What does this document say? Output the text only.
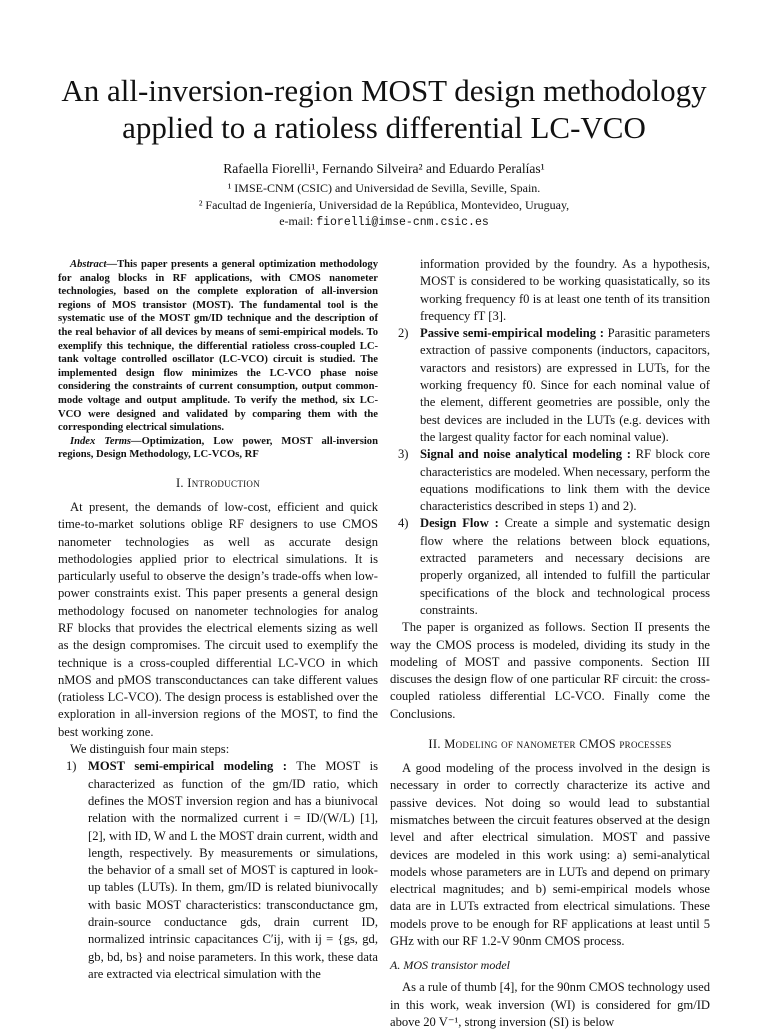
An all-inversion-region MOST design methodology applied to a ratioless differential LC-VCO
Rafaella Fiorelli¹, Fernando Silveira² and Eduardo Peralías¹
¹ IMSE-CNM (CSIC) and Universidad de Sevilla, Seville, Spain.
² Facultad de Ingeniería, Universidad de la República, Montevideo, Uruguay,
e-mail: fiorelli@imse-cnm.csic.es

Abstract—This paper presents a general optimization methodology for analog blocks in RF applications, with CMOS nanometer technologies, based on the complete exploration of all-inversion regions of MOS transistor (MOST). The fundamental tool is the systematic use of the MOST gm/ID technique and the description of the real behavior of all devices by means of semi-empirical models. To exemplify this technique, the differential ratioless cross-coupled LC-tank voltage controlled oscillator (LC-VCO) circuit is studied. The implemented design flow minimizes the LC-VCO phase noise considering the constraints of current consumption, output common-mode voltage and output amplitude. To verify the method, six LC-VCO were designed and validated by comparing them with the corresponding electrical simulations.

Index Terms—Optimization, Low power, MOST all-inversion regions, Design Methodology, LC-VCOs, RF

I. Introduction

At present, the demands of low-cost, efficient and quick time-to-market solutions oblige RF designers to use CMOS nanometer technologies as well as accurate design methodologies applied prior to electrical simulations. It is particularly useful to observe the design’s trade-offs when low-power constraints exist. This paper presents a general design methodology focused on nanometer technologies for analog RF blocks that provides the electrical elements sizing as well as the design compromises. The circuit used to exemplify the technique is a cross-coupled differential LC-VCO in which nMOS and pMOS transconductances can take different values (ratioless LC-VCO). The design process is established over the exploration in all-inversion regions of the MOST, to find the best working zone.

We distinguish four main steps:

1) MOST semi-empirical modeling : The MOST is characterized as function of the gm/ID ratio, which defines the MOST inversion region and has a biunivocal relation with the normalized current i = ID/(W/L) [1], [2], with ID, W and L the MOST drain current, width and length, respectively. By measurements or simulations, the behavior of a small set of MOST is captured in look-up tables (LUTs). In them, gm/ID is related biunivocally with basic MOST characteristics: transconductance gm, drain-source conductance gds, drain current ID, normalized intrinsic capacitances C′ij, with ij = {gs, gd, gb, bd, bs} and noise parameters. In this work, these data are extracted via electrical simulation with the

information provided by the foundry. As a hypothesis, MOST is considered to be working quasistatically, so its working frequency f0 is at least one tenth of its transition frequency fT [3].

2) Passive semi-empirical modeling : Parasitic parameters extraction of passive components (inductors, capacitors, varactors and resistors) are expressed in LUTs, for the working frequency f0. Since for each nominal value of the element, different geometries are possible, only the best devices are included in the LUTs (e.g. devices with the largest quality factor for each nominal value).
3) Signal and noise analytical modeling : RF block core characteristics are modeled. When necessary, perform the equations modifications to link them with the device characteristics described in steps 1) and 2).
4) Design Flow : Create a simple and systematic design flow where the relations between block equations, extracted parameters and necessary decisions are properly organized, all intended to fulfill the particular specifications of the block and technological process constraints.

The paper is organized as follows. Section II presents the way the CMOS process is modeled, dividing its study in the modeling of MOST and passive components. Section III discuses the design flow of one particular RF circuit: the cross-coupled ratioless differential LC-VCO. Finally come the Conclusions.

II. Modeling of nanometer CMOS processes

A good modeling of the process involved in the design is necessary in order to correctly characterize its active and passive devices. Not doing so would lead to substantial mismatches between the circuit features observed at the design level and after electrical simulation. MOST and passive devices are modeled in this work using: a) semi-analytical models whose parameters are in LUTs and depend on primary electrical magnitudes; and b) semi-empirical models whose data are in LUTs extracted from electrical simulations. These models prove to be enough for RF applications at least until 5 GHz with our RF 1.2-V 90nm CMOS process.

A. MOS transistor model

As a rule of thumb [4], for the 90nm CMOS technology used in this work, weak inversion (WI) is considered for gm/ID above 20 V⁻¹, strong inversion (SI) is below
